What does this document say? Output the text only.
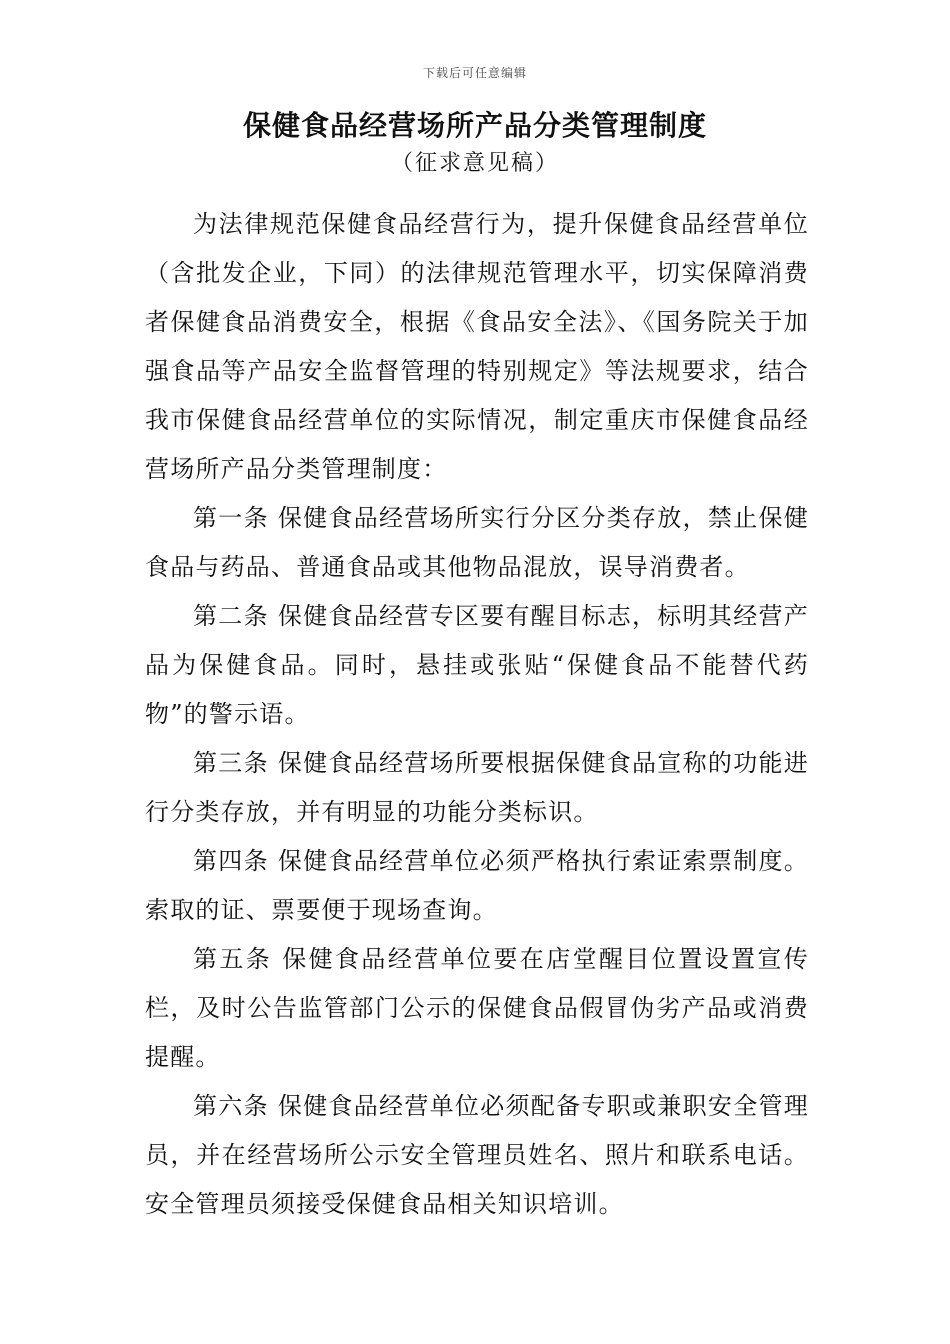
下载后可任意编辑
保健食品经营场所产品分类管理制度
（征求意见稿）

为法律规范保健食品经营行为，提升保健食品经营单位（含批发企业，下同）的法律规范管理水平，切实保障消费者保健食品消费安全，根据《食品安全法》、《国务院关于加强食品等产品安全监督管理的特别规定》等法规要求，结合我市保健食品经营单位的实际情况，制定重庆市保健食品经营场所产品分类管理制度：

第一条 保健食品经营场所实行分区分类存放，禁止保健食品与药品、普通食品或其他物品混放，误导消费者。

第二条 保健食品经营专区要有醒目标志，标明其经营产品为保健食品。同时，悬挂或张贴“保健食品不能替代药物”的警示语。

第三条 保健食品经营场所要根据保健食品宣称的功能进行分类存放，并有明显的功能分类标识。

第四条 保健食品经营单位必须严格执行索证索票制度。索取的证、票要便于现场查询。

第五条 保健食品经营单位要在店堂醒目位置设置宣传栏，及时公告监管部门公示的保健食品假冒伪劣产品或消费提醒。

第六条 保健食品经营单位必须配备专职或兼职安全管理员，并在经营场所公示安全管理员姓名、照片和联系电话。安全管理员须接受保健食品相关知识培训。
